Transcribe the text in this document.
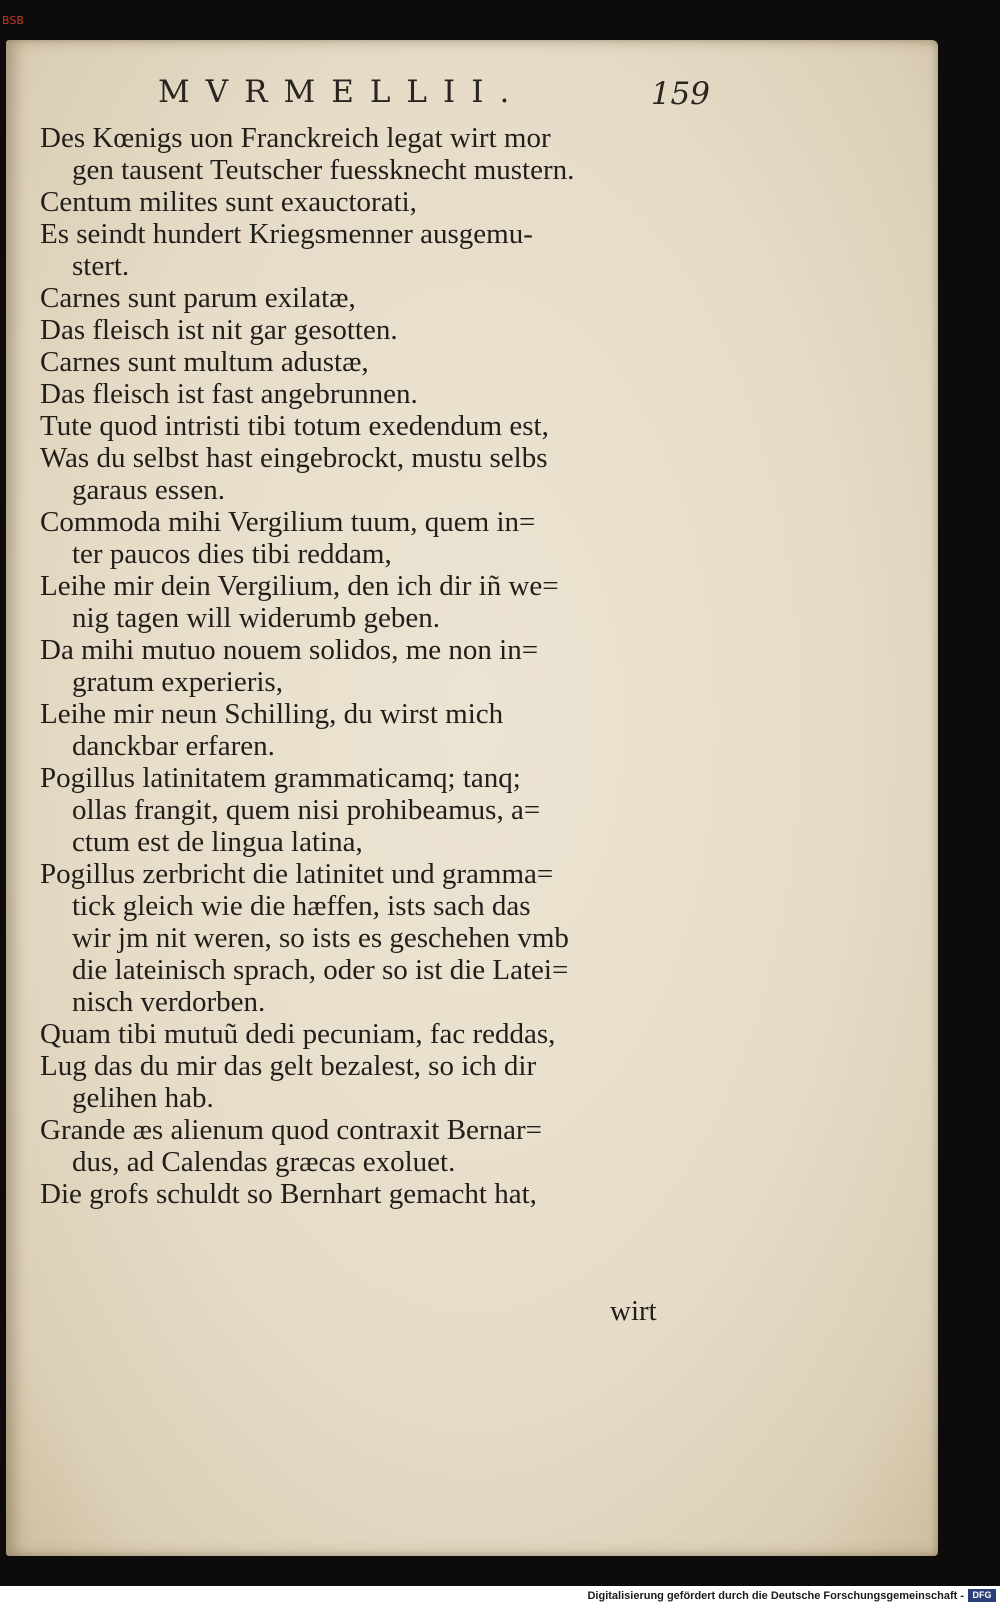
BSB
MVRMELLII.	159
Des Kœnigs uon Franckreich legat wirt mor
gen tausent Teutscher fuessknecht mustern.
Centum milites sunt exauctorati,
Es seindt hundert Kriegsmenner ausgemu-
stert.
Carnes sunt parum exilatæ,
Das fleisch ist nit gar gesotten.
Carnes sunt multum adustæ,
Das fleisch ist fast angebrunnen.
Tute quod intristi tibi totum exedendum est,
Was du selbst hast eingebrockt, mustu selbs
garaus essen.
Commoda mihi Vergilium tuum, quem in=
ter paucos dies tibi reddam,
Leihe mir dein Vergilium, den ich dir iñ we=
nig tagen will widerumb geben.
Da mihi mutuo nouem solidos, me non in=
gratum experieris,
Leihe mir neun Schilling, du wirst mich
danckbar erfaren.
Pogillus latinitatem grammaticamq; tanq;
ollas frangit, quem nisi prohibeamus, a=
ctum est de lingua latina,
Pogillus zerbricht die latinitet und gramma=
tick gleich wie die hæffen, ists sach das
wir jm nit weren, so ists es geschehen vmb
die lateinisch sprach, oder so ist die Latei=
nisch verdorben.
Quam tibi mutuũ dedi pecuniam, fac reddas,
Lug das du mir das gelt bezalest, so ich dir
gelihen hab.
Grande æs alienum quod contraxit Bernar=
dus, ad Calendas græcas exoluet.
Die grofs schuldt so Bernhart gemacht hat,
wirt
Digitalisierung gefördert durch die Deutsche Forschungsgemeinschaft - DFG
